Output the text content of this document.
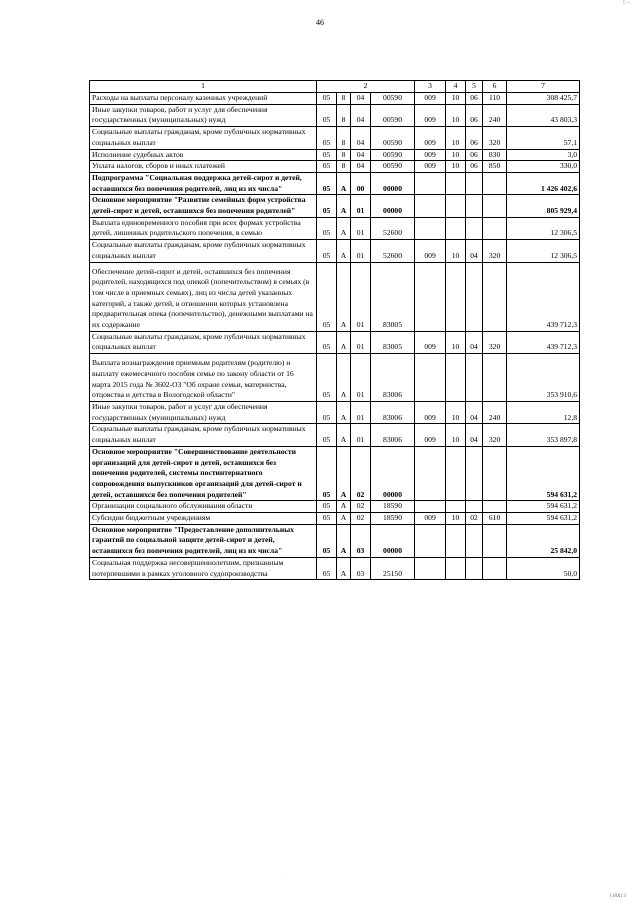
( ...
46
1	2				3	4	5	6	7
Расходы на выплаты персоналу казенных учреждений	05	8	04	00590	009	10	06	110	308 425,7
Иные закупки товаров, работ и услуг для обеспечения государственных (муниципальных) нужд	05	8	04	00590	009	10	06	240	43 803,3
Социальные выплаты гражданам, кроме публичных нормативных социальных выплат	05	8	04	00590	009	10	06	320	57,1
Исполнение судебных актов	05	8	04	00590	009	10	06	830	3,0
Уплата налогов, сборов и иных платежей	05	8	04	00590	009	10	06	850	330,0
Подпрограмма "Социальная поддержка детей-сирот и детей, оставшихся без попечения родителей, лиц из их числа"	05	А	00	00000					1 426 402,6
Основное мероприятие "Развитие семейных форм устройства детей-сирот и детей, оставшихся без попечения родителей"	05	А	01	00000					805 929,4
Выплата единовременного пособия при всех формах устройства детей, лишенных родительского попечения, в семью	05	А	01	52600					12 306,5
Социальные выплаты гражданам, кроме публичных нормативных социальных выплат	05	А	01	52600	009	10	04	320	12 306,5
Обеспечение детей-сирот и детей, оставшихся без попечения родителей, находящихся под опекой (попечительством) в семьях (в том числе в приемных семьях), лиц из числа детей указанных категорий, а также детей, в отношении которых установлена предварительная опека (попечительство), денежными выплатами на их содержание	05	А	01	83005					439 712,3
Социальные выплаты гражданам, кроме публичных нормативных социальных выплат	05	А	01	83005	009	10	04	320	439 712,3
Выплата вознаграждения приемным родителям (родителю) и выплату ежемесячного пособия семье по закону области от 16 марта 2015 года № 3602-ОЗ "Об охране семьи, материнства, отцовства и детства в Вологодской области"	05	А	01	83006					353 910,6
Иные закупки товаров, работ и услуг для обеспечения государственных (муниципальных) нужд	05	А	01	83006	009	10	04	240	12,8
Социальные выплаты гражданам, кроме публичных нормативных социальных выплат	05	А	01	83006	009	10	04	320	353 897,8
Основное мероприятие "Совершенствование деятельности организаций для детей-сирот и детей, оставшихся без попечения родителей, системы постинтернатного сопровождения выпускников организаций для детей-сирот и детей, оставшихся без попечения родителей"	05	А	02	00000					594 631,2
Организации социального обслуживания области	05	А	02	18590					594 631,2
Субсидии бюджетным учреждениям	05	А	02	18590	009	10	02	610	594 631,2
Основное мероприятие "Предоставление дополнительных гарантий по социальной защите детей-сирот и детей, оставшихся без попечения родителей, лиц из их числа"	05	А	03	00000					25 842,0
Социальная поддержка несовершеннолетним, признанным потерпевшими в рамках уголовного судопроизводства	05	А	03	25150					50,0
·
(18X) 3
